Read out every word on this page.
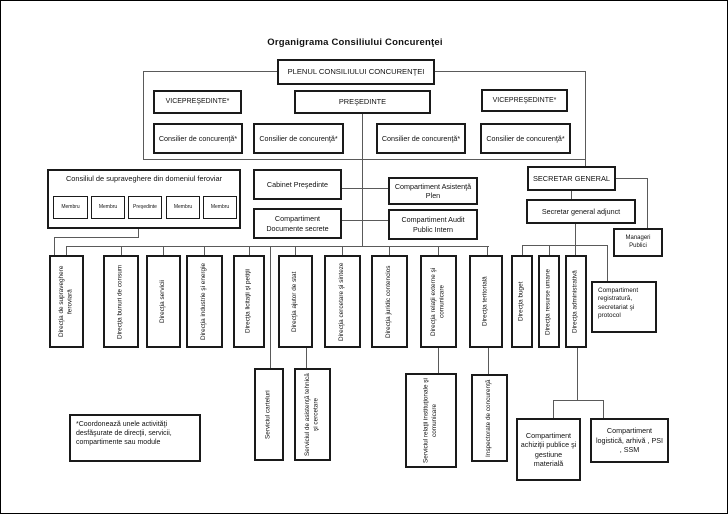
Organigrama Consiliului Concurenţei
PLENUL CONSILIULUI CONCURENŢEI
VICEPREŞEDINTE*	PREŞEDINTE	VICEPREŞEDINTE*
Consilier de concurenţă*	Consilier de concurenţă*	Consilier de concurenţă*	Consilier de concurenţă*
Consiliul de supraveghere din domeniul feroviar
Membru	Membru	Preşedinte	Membru	Membru
Cabinet Preşedinte
Compartiment Documente secrete
Compartiment Asistenţă Plen
Compartiment Audit Public Intern
SECRETAR GENERAL
Secretar general adjunct
Manageri Publici
Compartiment registratură, secretariat şi protocol
Direcţia de supraveghere feroviară	Direcţia bunuri de consum	Direcţia servicii	Direcţia industrie şi energie	Direcţia licitaţii şi petiţii	Direcţia ajutor de stat	Direcţia cercetare şi sinteze	Direcţia juridic contencios	Direcţia relaţii externe şi comunicare	Direcţia teritorială	Direcţia buget	Direcţia resurse umane	Direcţia administrativă
Serviciul carteluri	Serviciul de asistenţă tehnică şi cercetare	Serviciul relaţii instituţionale şi comunicare	Inspectorate de concurenţă	Compartiment achiziţii publice şi gestiune materială
Compartiment logistică, arhivă , PSI , SSM
*Coordonează unele activităţi desfăşurate de direcţii, servicii, compartimente sau module
